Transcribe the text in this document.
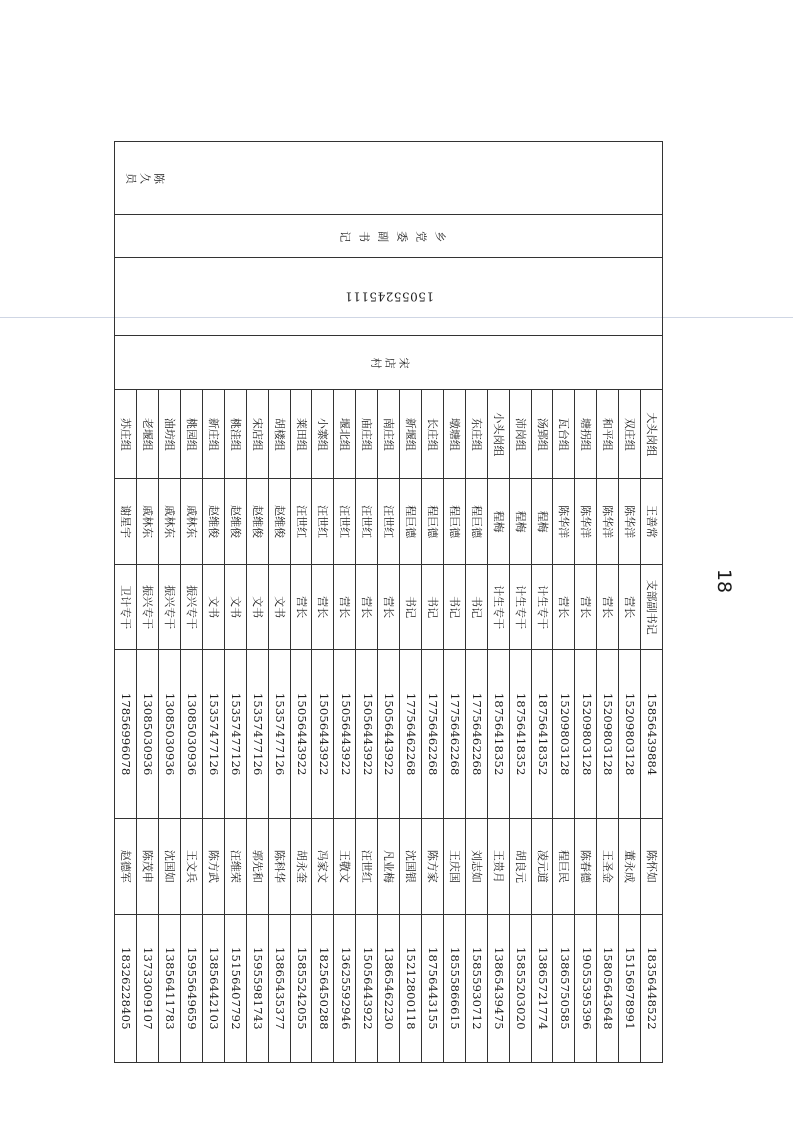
陈久员	乡党委副书记	15055245111	宋店村	大头岗组	王善常	支部副书记	15856439884	陈怀如	18356448522
				双庄组	陈华洋	营长	15209803128	董永成	15156978991
				和平组	陈华洋	营长	15209803128	王圣金	15805643648
				塘拐组	陈华洋	营长	15209803128	陈春德	19055395396
				瓦台组	陈华洋	营长	15209803128	程巨民	13865750585
				汤郢组	程梅	计生专干	18756418352	凌元道	13865721774
				沛岗组	程梅	计生专干	18756418352	胡良元	15855203020
				小头岗组	程梅	计生专干	18756418352	王贵月	13865439475
				东庄组	程巨德	书记	17756462268	刘志如	15855930712
				墩塘组	程巨德	书记	17756462268	王庆国	18555866615
				长庄组	程巨德	书记	17756462268	陈方家	18756443155
				新堰组	程巨德	书记	17756462268	沈国银	15212800118
				南庄组	汪世红	营长	15056443922	凡业梅	13865462230
				庙庄组	汪世红	营长	15056443922	汪世红	15056443922
				堰北组	汪世红	营长	15056443922	王敬文	13625592946
				小寨组	汪世红	营长	15056443922	冯家文	18256450288
				莱田组	汪世红	营长	15056443922	胡永奎	15855242055
				胡楼组	赵维俊	文书	15357477126	陈科华	13865435377
				宋店组	赵维俊	文书	15357477126	郭先和	15955981743
				桃洼组	赵维俊	文书	15357477126	汪维荣	15156407792
				新庄组	赵维俊	文书	15357477126	陈方武	13856442103
				桃园组	戚林东	振兴专干	13085030936	王文兵	15955649659
				油坊组	戚林东	振兴专干	13085030936	沈国如	13856411783
				老堰组	戚林东	振兴专干	13085030936	陈茂申	13733009107
				苏庄组	谢星宇	卫计专干	17856996078	赵德军	18326228405
18
